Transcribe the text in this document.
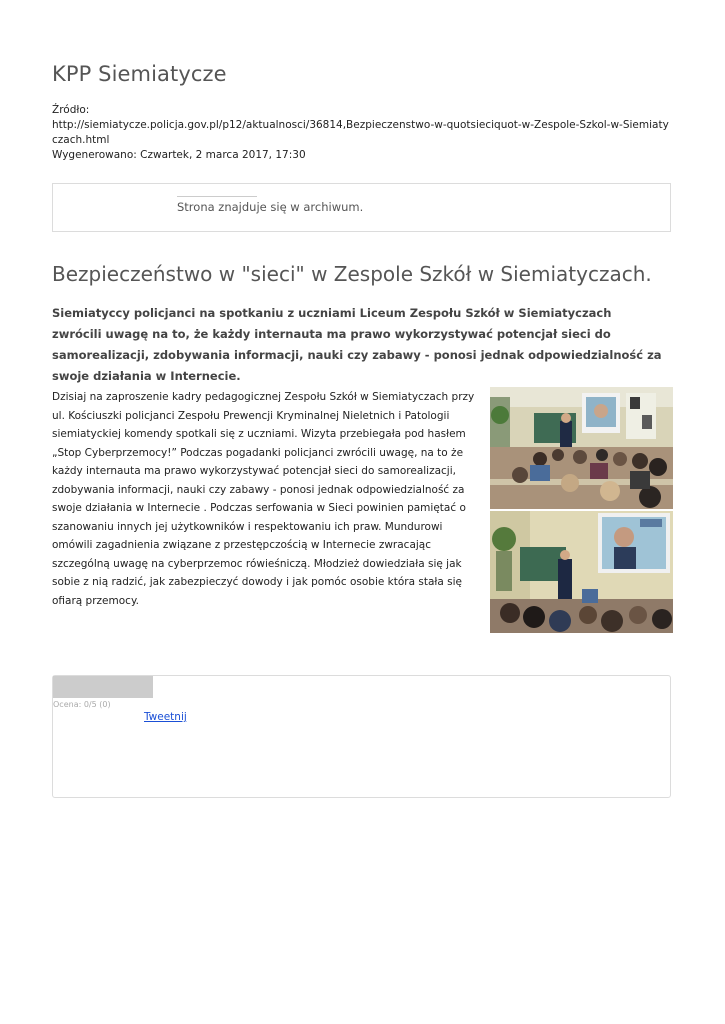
KPP Siemiatycze
Źródło:
http://siemiatycze.policja.gov.pl/p12/aktualnosci/36814,Bezpieczenstwo-w-quotsieciquot-w-Zespole-Szkol-w-Siemiatyczach.html
Wygenerowano: Czwartek, 2 marca 2017, 17:30
Strona znajduje się w archiwum.
Bezpieczeństwo w "sieci" w Zespole Szkół w Siemiatyczach.

Siemiatyccy policjanci na spotkaniu z uczniami Liceum Zespołu Szkół w Siemiatyczach zwrócili uwagę na to, że każdy internauta ma prawo wykorzystywać potencjał sieci do samorealizacji, zdobywania informacji, nauki czy zabawy - ponosi jednak odpowiedzialność za swoje działania w Internecie.

Dzisiaj na zaproszenie kadry pedagogicznej Zespołu Szkół w Siemiatyczach przy ul. Kościuszki policjanci Zespołu Prewencji Kryminalnej Nieletnich i Patologii siemiatyckiej komendy spotkali się z uczniami. Wizyta przebiegała pod hasłem „Stop Cyberprzemocy!” Podczas pogadanki policjanci zwrócili uwagę, na to że każdy internauta ma prawo wykorzystywać potencjał sieci do samorealizacji, zdobywania informacji, nauki czy zabawy - ponosi jednak odpowiedzialność za swoje działania w Internecie . Podczas serfowania w Sieci powinien pamiętać o szanowaniu innych jej użytkowników i respektowaniu ich praw. Mundurowi omówili zagadnienia związane z przestępczością w Internecie zwracając szczególną uwagę na cyberprzemoc rówieśniczą. Młodzież dowiedziała się jak sobie z nią radzić, jak zabezpieczyć dowody i jak pomóc osobie która stała się ofiarą przemocy.

Ocena: 0/5 (0)
Tweetnij
